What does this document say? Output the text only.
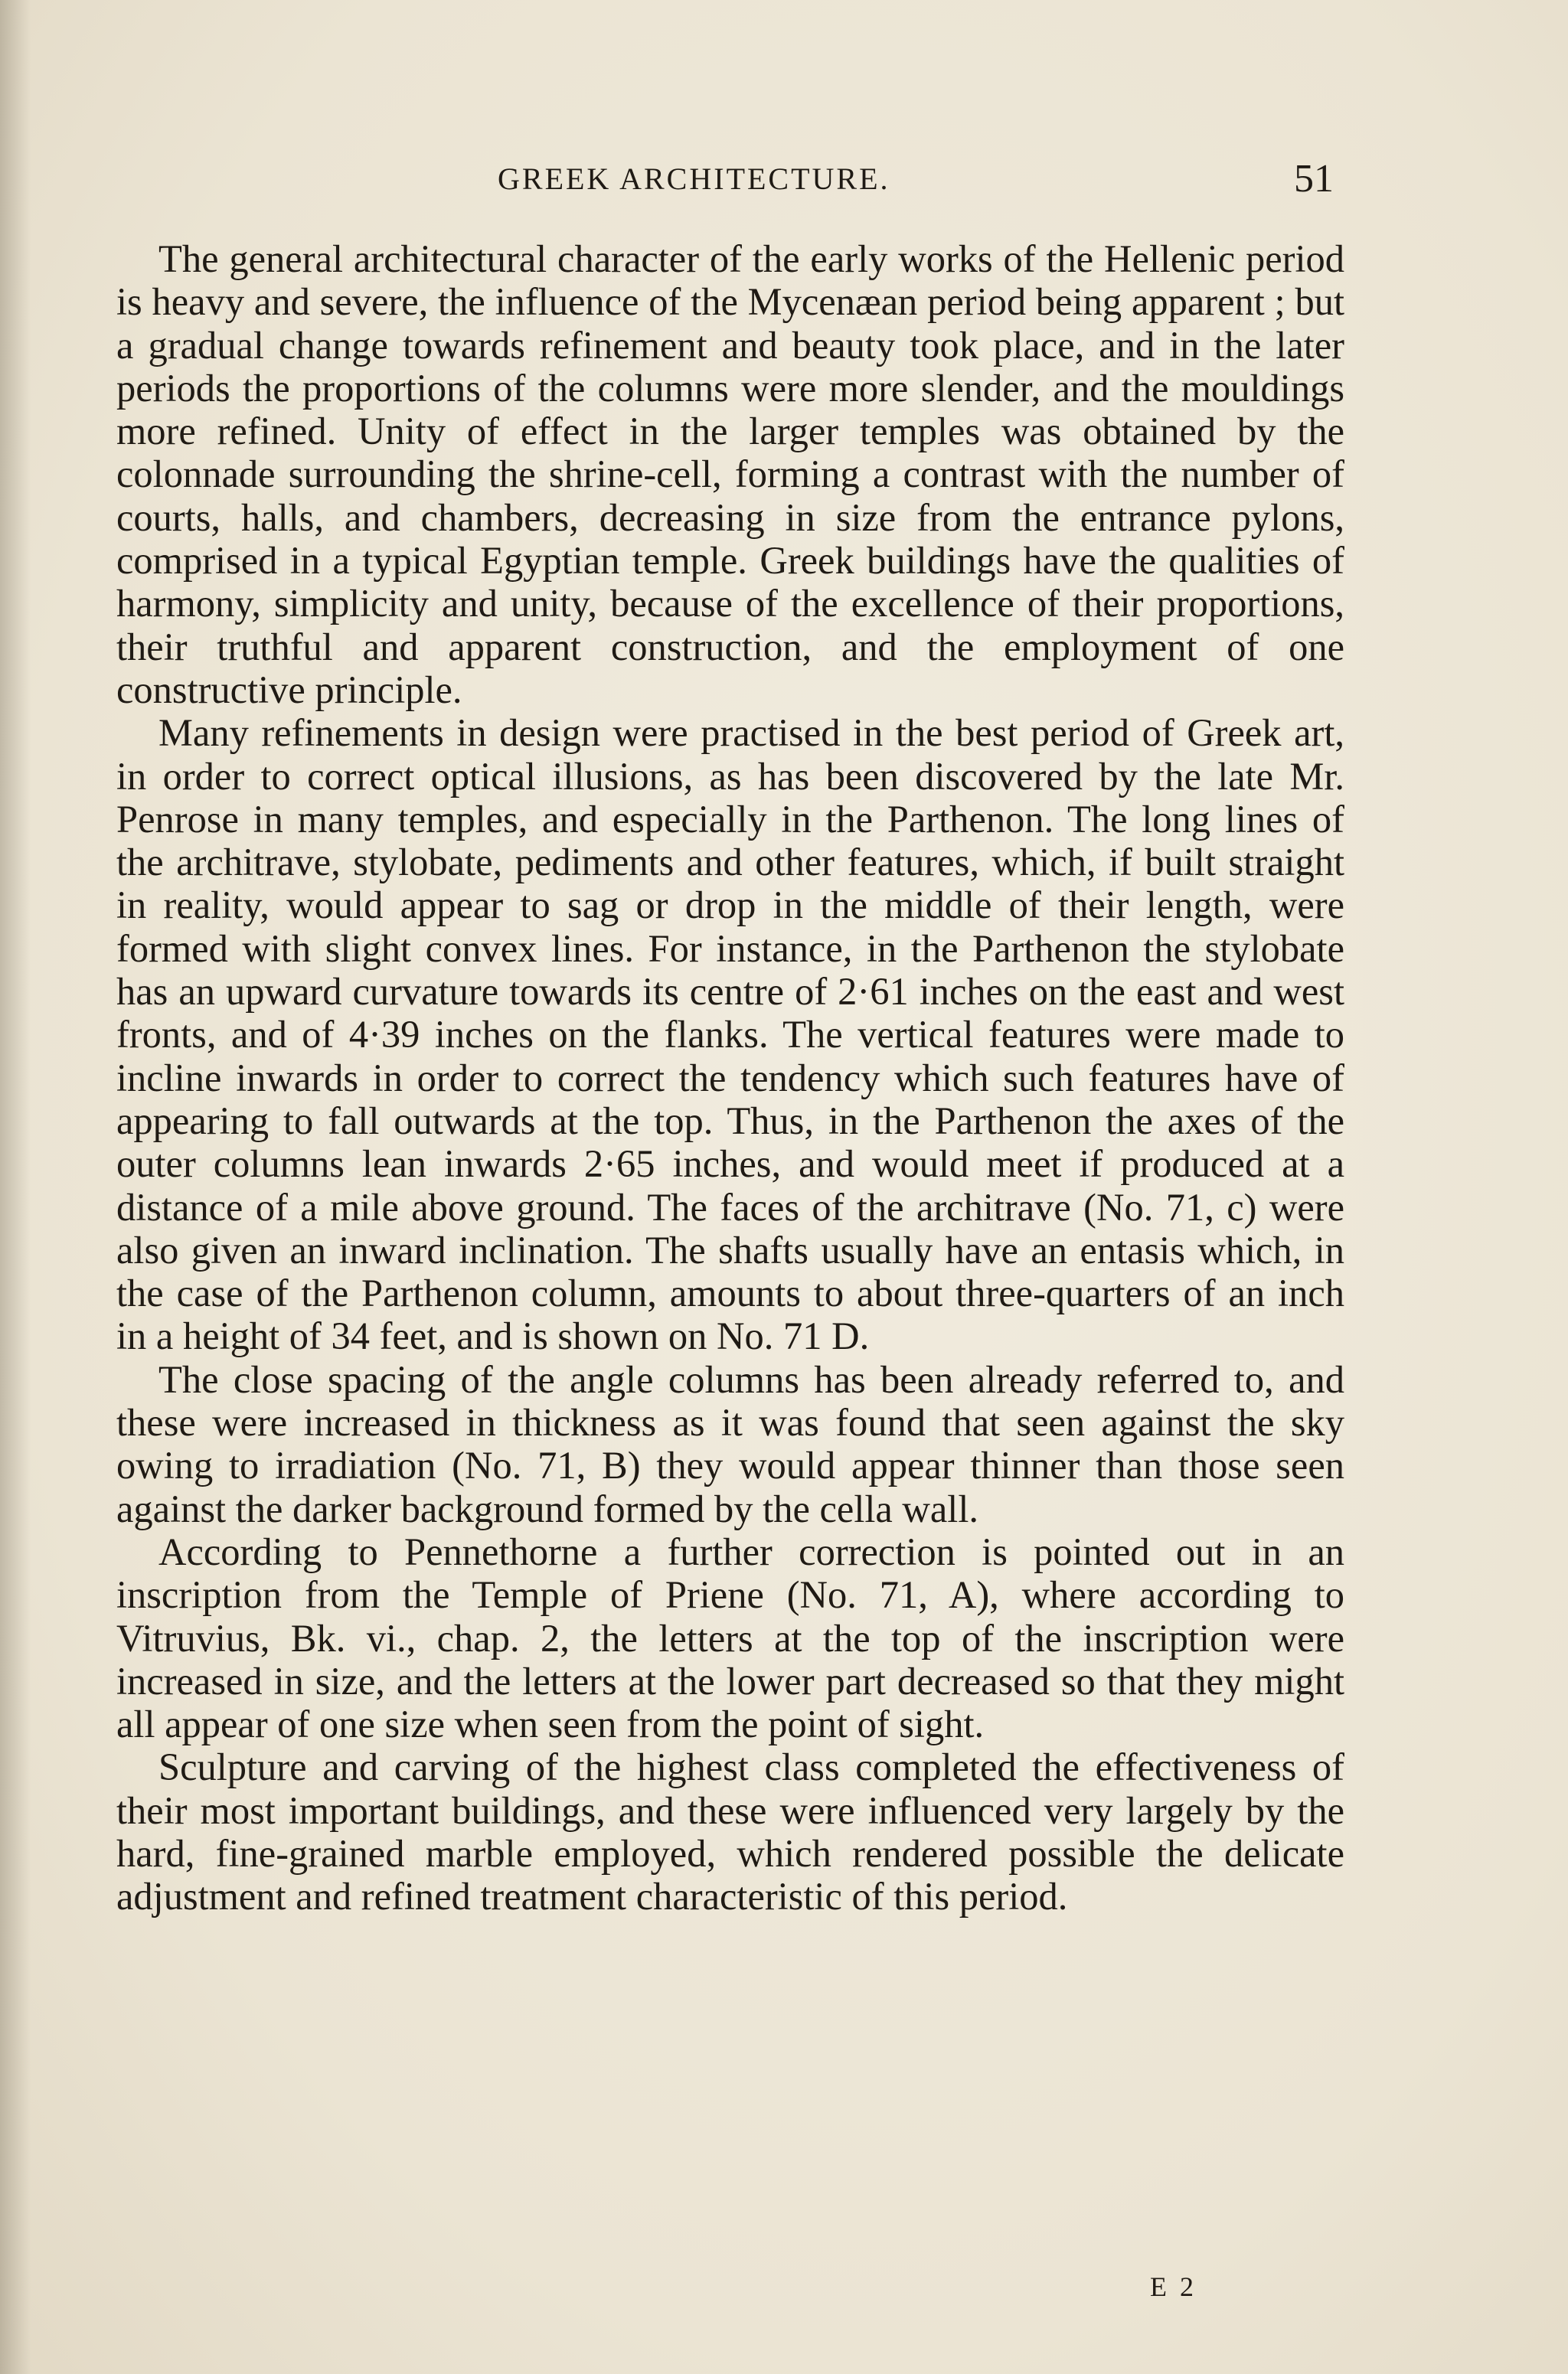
GREEK ARCHITECTURE.	51

The general architectural character of the early works of the Hellenic period is heavy and severe, the influence of the Mycenæan period being apparent ; but a gradual change towards refinement and beauty took place, and in the later periods the proportions of the columns were more slender, and the mouldings more refined. Unity of effect in the larger temples was obtained by the colonnade surrounding the shrine-cell, forming a contrast with the number of courts, halls, and chambers, decreasing in size from the entrance pylons, comprised in a typical Egyptian temple. Greek buildings have the qualities of harmony, simplicity and unity, because of the excellence of their proportions, their truthful and apparent construction, and the employment of one constructive principle.

Many refinements in design were practised in the best period of Greek art, in order to correct optical illusions, as has been discovered by the late Mr. Penrose in many temples, and especially in the Parthenon. The long lines of the architrave, stylobate, pediments and other features, which, if built straight in reality, would appear to sag or drop in the middle of their length, were formed with slight convex lines. For instance, in the Parthenon the stylobate has an upward curvature towards its centre of 2·61 inches on the east and west fronts, and of 4·39 inches on the flanks. The vertical features were made to incline inwards in order to correct the tendency which such features have of appearing to fall outwards at the top. Thus, in the Parthenon the axes of the outer columns lean inwards 2·65 inches, and would meet if produced at a distance of a mile above ground. The faces of the architrave (No. 71, c) were also given an inward inclination. The shafts usually have an entasis which, in the case of the Parthenon column, amounts to about three-quarters of an inch in a height of 34 feet, and is shown on No. 71 D.

The close spacing of the angle columns has been already referred to, and these were increased in thickness as it was found that seen against the sky owing to irradiation (No. 71, B) they would appear thinner than those seen against the darker background formed by the cella wall.

According to Pennethorne a further correction is pointed out in an inscription from the Temple of Priene (No. 71, A), where according to Vitruvius, Bk. vi., chap. 2, the letters at the top of the inscription were increased in size, and the letters at the lower part decreased so that they might all appear of one size when seen from the point of sight.

Sculpture and carving of the highest class completed the effectiveness of their most important buildings, and these were influenced very largely by the hard, fine-grained marble employed, which rendered possible the delicate adjustment and refined treatment characteristic of this period.

E 2
